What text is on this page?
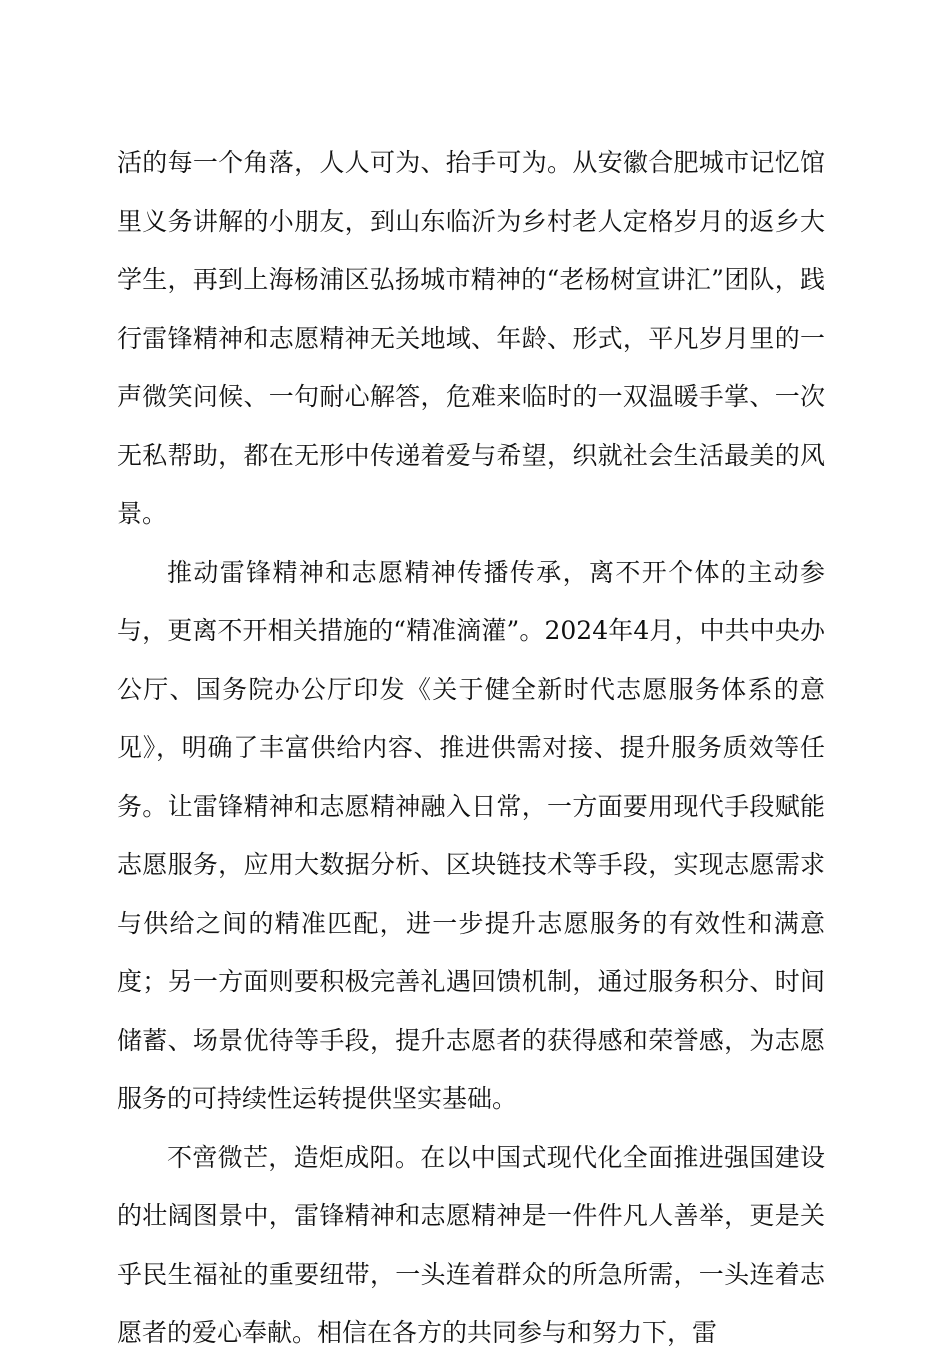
活的每一个角落，人人可为、抬手可为。从安徽合肥城市记忆馆里义务讲解的小朋友，到山东临沂为乡村老人定格岁月的返乡大学生，再到上海杨浦区弘扬城市精神的“老杨树宣讲汇”团队，践行雷锋精神和志愿精神无关地域、年龄、形式，平凡岁月里的一声微笑问候、一句耐心解答，危难来临时的一双温暖手掌、一次无私帮助，都在无形中传递着爱与希望，织就社会生活最美的风景。

推动雷锋精神和志愿精神传播传承，离不开个体的主动参与，更离不开相关措施的“精准滴灌”。2024年4月，中共中央办公厅、国务院办公厅印发《关于健全新时代志愿服务体系的意见》，明确了丰富供给内容、推进供需对接、提升服务质效等任务。让雷锋精神和志愿精神融入日常，一方面要用现代手段赋能志愿服务，应用大数据分析、区块链技术等手段，实现志愿需求与供给之间的精准匹配，进一步提升志愿服务的有效性和满意度；另一方面则要积极完善礼遇回馈机制，通过服务积分、时间储蓄、场景优待等手段，提升志愿者的获得感和荣誉感，为志愿服务的可持续性运转提供坚实基础。

不啻微芒，造炬成阳。在以中国式现代化全面推进强国建设的壮阔图景中，雷锋精神和志愿精神是一件件凡人善举，更是关乎民生福祉的重要纽带，一头连着群众的所急所需，一头连着志愿者的爱心奉献。相信在各方的共同参与和努力下，雷
